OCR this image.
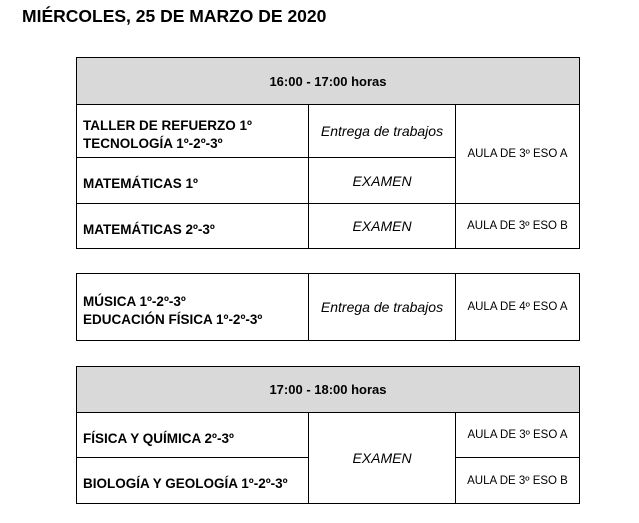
MIÉRCOLES, 25 DE MARZO DE 2020
16:00 - 17:00 horas		

TALLER DE REFUERZO 1º
TECNOLOGÍA 1º-2º-3º	Entrega de trabajos	AULA DE 3º ESO A

MATEMÁTICAS 1º	EXAMEN	

MATEMÁTICAS 2º-3º	EXAMEN	AULA DE 3º ESO B
MÚSICA 1º-2º-3º
EDUCACIÓN FÍSICA 1º-2º-3º
	Entrega de trabajos	AULA DE 4º ESO A
17:00 - 18:00 horas		

FÍSICA Y QUÍMICA 2º-3º	EXAMEN	AULA DE 3º ESO A

BIOLOGÍA Y GEOLOGÍA 1º-2º-3º		AULA DE 3º ESO B
